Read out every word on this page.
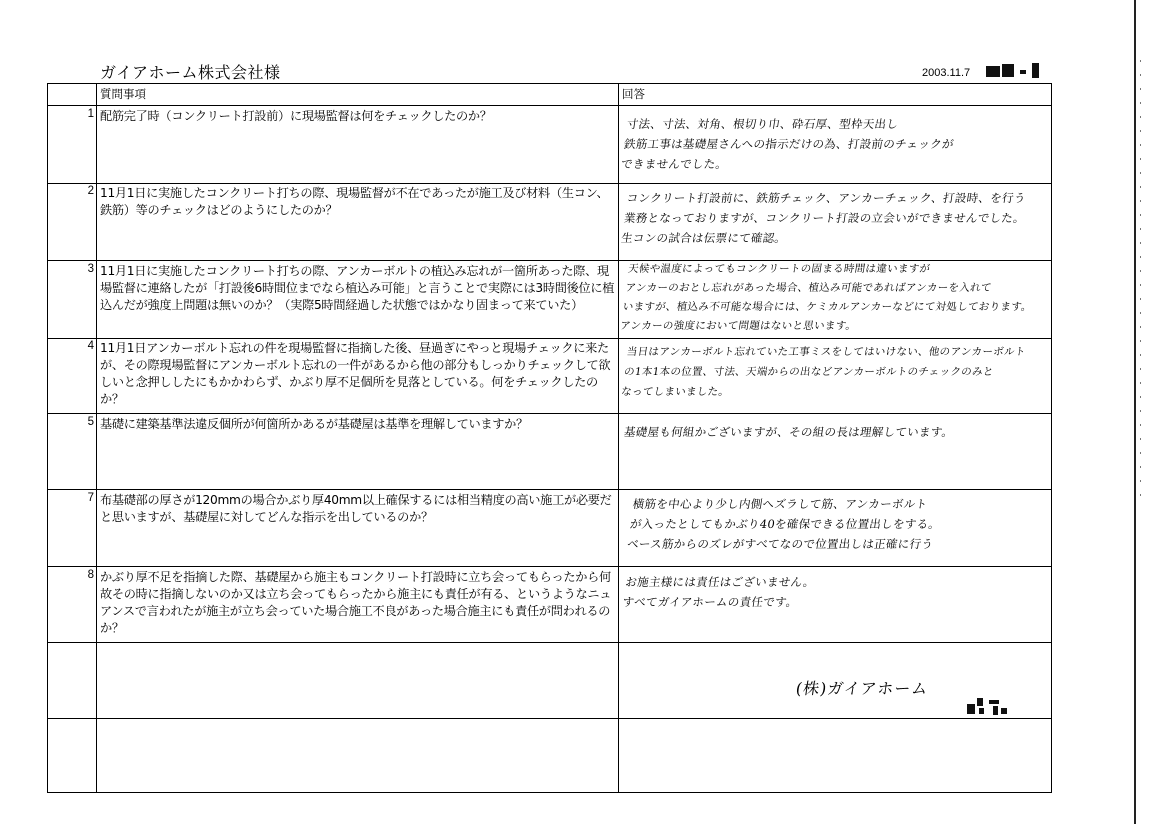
ガイアホーム株式会社様	2003.11.7
質問事項	回答
1 配筋完了時（コンクリート打設前）に現場監督は何をチェックしたのか？
寸法、寸法、対角、根切り巾、砕石厚、型枠天出し
鉄筋工事は基礎屋さんへの指示だけの為、打設前のチェックが
できませんでした。
2 11月1日に実施したコンクリート打ちの際、現場監督が不在であったが施工及び材料（生コン、鉄筋）等のチェックはどのようにしたのか？
コンクリート打設前に、鉄筋チェック、アンカーチェック、打設時、を行う
業務となっておりますが、コンクリート打設の立会いができませんでした。
生コンの試合は伝票にて確認。
3 11月1日に実施したコンクリート打ちの際、アンカーボルトの植込み忘れが一箇所あった際、現場監督に連絡したが「打設後6時間位までなら植込み可能」と言うことで実際には3時間後位に植込んだが強度上問題は無いのか？（実際5時間経過した状態ではかなり固まって来ていた）
天候や温度によってもコンクリートの固まる時間は違いますが
アンカーのおとし忘れがあった場合、植込み可能であればアンカーを入れて
いますが、植込み不可能な場合には、ケミカルアンカーなどにて対処しております。
アンカーの強度において問題はないと思います。
4 11月1日アンカーボルト忘れの件を現場監督に指摘した後、昼過ぎにやっと現場チェックに来たが、その際現場監督にアンカーボルト忘れの一件があるから他の部分もしっかりチェックして欲しいと念押ししたにもかかわらず、かぶり厚不足個所を見落としている。何をチェックしたのか？
当日はアンカーボルト忘れていた工事ミスをしてはいけない、他のアンカーボルト
の1本1本の位置、寸法、天端からの出などアンカーボルトのチェックのみと
なってしまいました。
5 基礎に建築基準法違反個所が何箇所かあるが基礎屋は基準を理解していますか？
基礎屋も何組かございますが、その組の長は理解しています。
7 布基礎部の厚さが120mmの場合かぶり厚40mm以上確保するには相当精度の高い施工が必要だと思いますが、基礎屋に対してどんな指示を出しているのか？
横筋を中心より少し内側へズラして筋、アンカーボルト
が入ったとしてもかぶり40を確保できる位置出しをする。
ベース筋からのズレがすべてなので位置出しは正確に行う
8 かぶり厚不足を指摘した際、基礎屋から施主もコンクリート打設時に立ち会ってもらったから何故その時に指摘しないのか又は立ち会ってもらったから施主にも責任が有る、というようなニュアンスで言われたが施主が立ち会っていた場合施工不良があった場合施主にも責任が問われるのか？
お施主様には責任はございません。
すべてガイアホームの責任です。
(株)ガイアホーム
